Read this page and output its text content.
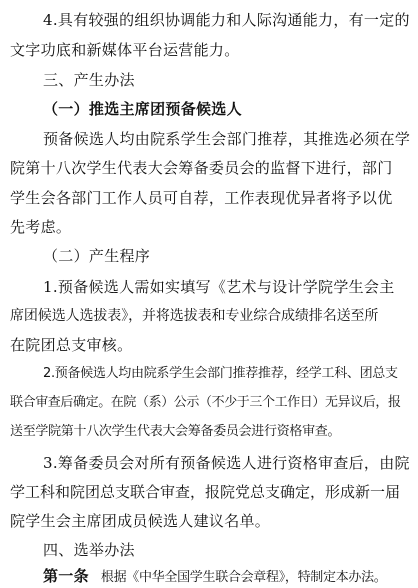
4.具有较强的组织协调能力和人际沟通能力，有一定的
文字功底和新媒体平台运营能力。
三、产生办法
（一）推选主席团预备候选人
预备候选人均由院系学生会部门推荐，其推选必须在学
院第十八次学生代表大会筹备委员会的监督下进行，部门
学生会各部门工作人员可自荐，工作表现优异者将予以优
先考虑。
（二）产生程序
1.预备候选人需如实填写《艺术与设计学院学生会主
席团候选人选拔表》，并将选拔表和专业综合成绩排名送至所
在院团总支审核。
2.预备候选人均由院系学生会部门推荐推荐，经学工科、团总支
联合审查后确定。在院（系）公示（不少于三个工作日）无异议后，报
送至学院第十八次学生代表大会筹备委员会进行资格审查。
3.筹备委员会对所有预备候选人进行资格审查后，由院
学工科和院团总支联合审查，报院党总支确定，形成新一届
院学生会主席团成员候选人建议名单。
四、选举办法
第一条 根据《中华全国学生联合会章程》，特制定本办法。
